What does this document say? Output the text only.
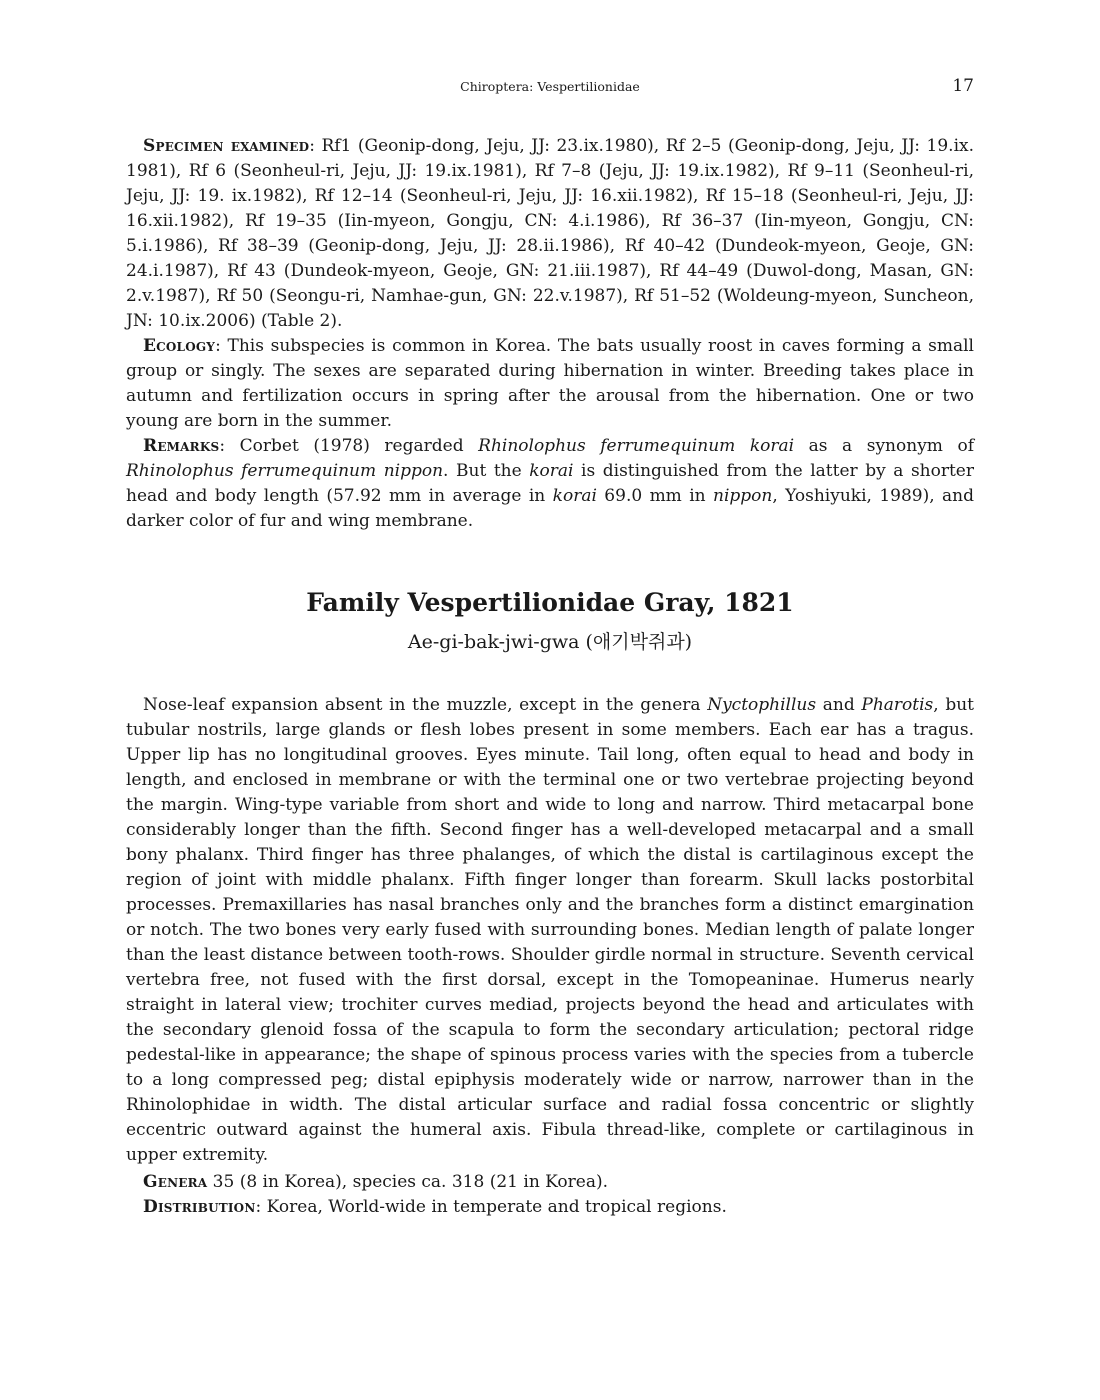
Chiroptera: Vespertilionidae	17

Specimen examined: Rf1 (Geonip-dong, Jeju, JJ: 23.ix.1980), Rf 2–5 (Geonip-dong, Jeju, JJ: 19.ix. 1981), Rf 6 (Seonheul-ri, Jeju, JJ: 19.ix.1981), Rf 7–8 (Jeju, JJ: 19.ix.1982), Rf 9–11 (Seonheul-ri, Jeju, JJ: 19. ix.1982), Rf 12–14 (Seonheul-ri, Jeju, JJ: 16.xii.1982), Rf 15–18 (Seonheul-ri, Jeju, JJ: 16.xii.1982), Rf 19–35 (Iin-myeon, Gongju, CN: 4.i.1986), Rf 36–37 (Iin-myeon, Gongju, CN: 5.i.1986), Rf 38–39 (Geonip-dong, Jeju, JJ: 28.ii.1986), Rf 40–42 (Dundeok-myeon, Geoje, GN: 24.i.1987), Rf 43 (Dundeok-myeon, Geoje, GN: 21.iii.1987), Rf 44–49 (Duwol-dong, Masan, GN: 2.v.1987), Rf 50 (Seongu-ri, Namhae-gun, GN: 22.v.1987), Rf 51–52 (Woldeung-myeon, Suncheon, JN: 10.ix.2006) (Table 2).

Ecology: This subspecies is common in Korea. The bats usually roost in caves forming a small group or singly. The sexes are separated during hibernation in winter. Breeding takes place in autumn and fertilization occurs in spring after the arousal from the hibernation. One or two young are born in the summer.

Remarks: Corbet (1978) regarded Rhinolophus ferrumequinum korai as a synonym of Rhinolophus ferrumequinum nippon. But the korai is distinguished from the latter by a shorter head and body length (57.92 mm in average in korai 69.0 mm in nippon, Yoshiyuki, 1989), and darker color of fur and wing membrane.

Family Vespertilionidae Gray, 1821
Ae-gi-bak-jwi-gwa (애기박쥐과)

Nose-leaf expansion absent in the muzzle, except in the genera Nyctophillus and Pharotis, but tubular nostrils, large glands or flesh lobes present in some members. Each ear has a tragus. Upper lip has no longitudinal grooves. Eyes minute. Tail long, often equal to head and body in length, and enclosed in membrane or with the terminal one or two vertebrae projecting beyond the margin. Wing-type variable from short and wide to long and narrow. Third metacarpal bone considerably longer than the fifth. Second finger has a well-developed metacarpal and a small bony phalanx. Third finger has three phalanges, of which the distal is cartilaginous except the region of joint with middle phalanx. Fifth finger longer than forearm. Skull lacks postorbital processes. Premaxillaries has nasal branches only and the branches form a distinct emargination or notch. The two bones very early fused with surrounding bones. Median length of palate longer than the least distance between tooth-rows. Shoulder girdle normal in structure. Seventh cervical vertebra free, not fused with the first dorsal, except in the Tomopeaninae. Humerus nearly straight in lateral view; trochiter curves mediad, projects beyond the head and articulates with the secondary glenoid fossa of the scapula to form the secondary articulation; pectoral ridge pedestal-like in appearance; the shape of spinous process varies with the species from a tubercle to a long compressed peg; distal epiphysis moderately wide or narrow, narrower than in the Rhinolophidae in width. The distal articular surface and radial fossa concentric or slightly eccentric outward against the humeral axis. Fibula thread-like, complete or cartilaginous in upper extremity.

Genera 35 (8 in Korea), species ca. 318 (21 in Korea).

Distribution: Korea, World-wide in temperate and tropical regions.
